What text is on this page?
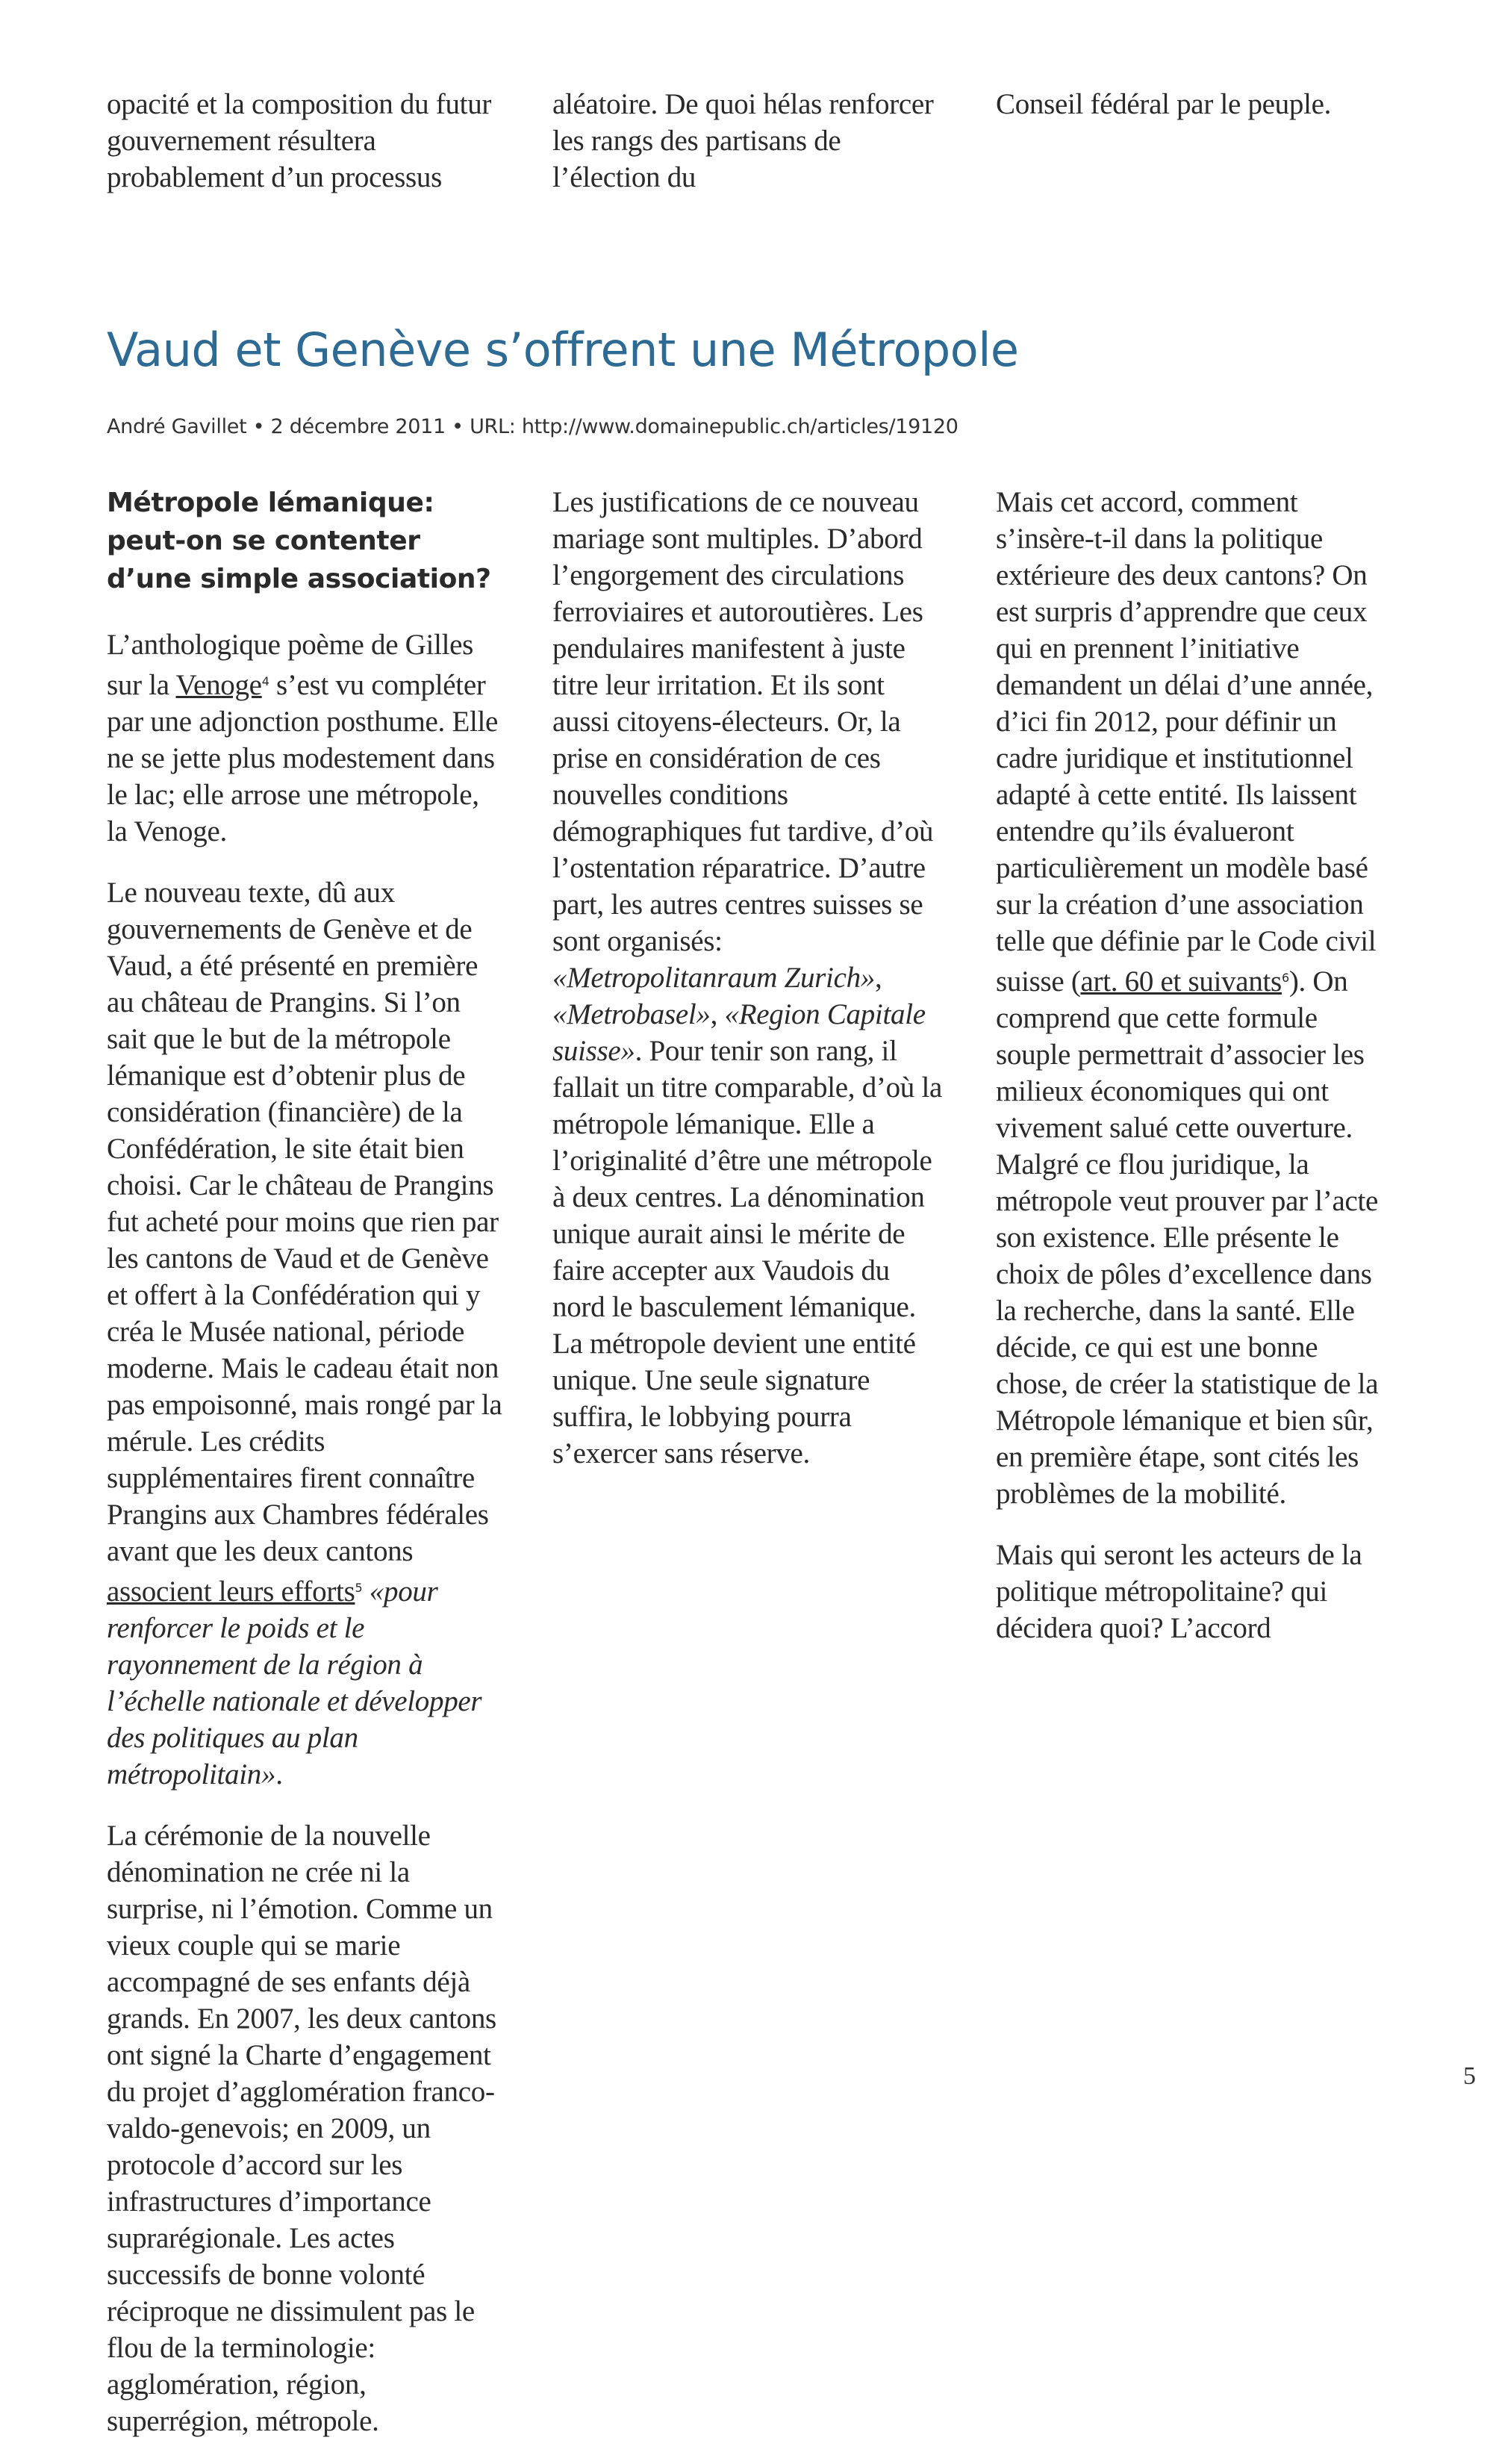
opacité et la composition du futur gouvernement résultera probablement d’un processus

aléatoire. De quoi hélas renforcer les rangs des partisans de l’élection du

Conseil fédéral par le peuple.

Vaud et Genève s’offrent une Métropole
André Gavillet • 2 décembre 2011 • URL: http://www.domainepublic.ch/articles/19120
Métropole lémanique: peut-on se contenter d’une simple association?

L’anthologique poème de Gilles sur la Venoge$^4$ s’est vu compléter par une adjonction posthume. Elle ne se jette plus modestement dans le lac; elle arrose une métropole, la Venoge.

Le nouveau texte, dû aux gouvernements de Genève et de Vaud, a été présenté en première au château de Prangins. Si l’on sait que le but de la métropole lémanique est d’obtenir plus de considération (financière) de la Confédération, le site était bien choisi. Car le château de Prangins fut acheté pour moins que rien par les cantons de Vaud et de Genève et offert à la Confédération qui y créa le Musée national, période moderne. Mais le cadeau était non pas empoisonné, mais rongé par la mérule. Les crédits supplémentaires firent connaître Prangins aux Chambres fédérales avant que les deux cantons associent leurs efforts$^5$ «pour renforcer le poids et le rayonnement de la région à l’échelle nationale et développer des politiques au plan métropolitain».

La cérémonie de la nouvelle dénomination ne crée ni la surprise, ni l’émotion. Comme un vieux couple qui se marie accompagné de ses enfants déjà grands. En 2007, les deux cantons ont signé la Charte d’engagement du projet d’agglomération franco-valdo-genevois; en 2009, un protocole d’accord sur les infrastructures d’importance suprarégionale. Les actes successifs de bonne volonté réciproque ne dissimulent pas le flou de la terminologie: agglomération, région, superrégion, métropole.

Les justifications de ce nouveau mariage sont multiples. D’abord l’engorgement des circulations ferroviaires et autoroutières. Les pendulaires manifestent à juste titre leur irritation. Et ils sont aussi citoyens-électeurs. Or, la prise en considération de ces nouvelles conditions démographiques fut tardive, d’où l’ostentation réparatrice. D’autre part, les autres centres suisses se sont organisés: «Metropolitanraum Zurich», «Metrobasel», «Region Capitale suisse». Pour tenir son rang, il fallait un titre comparable, d’où la métropole lémanique. Elle a l’originalité d’être une métropole à deux centres. La dénomination unique aurait ainsi le mérite de faire accepter aux Vaudois du nord le basculement lémanique. La métropole devient une entité unique. Une seule signature suffira, le lobbying pourra s’exercer sans réserve.

Mais cet accord, comment s’insère-t-il dans la politique extérieure des deux cantons? On est surpris d’apprendre que ceux qui en prennent l’initiative demandent un délai d’une année, d’ici fin 2012, pour définir un cadre juridique et institutionnel adapté à cette entité. Ils laissent entendre qu’ils évalueront particulièrement un modèle basé sur la création d’une association telle que définie par le Code civil suisse (art. 60 et suivants$^6$). On comprend que cette formule souple permettrait d’associer les milieux économiques qui ont vivement salué cette ouverture. Malgré ce flou juridique, la métropole veut prouver par l’acte son existence. Elle présente le choix de pôles d’excellence dans la recherche, dans la santé. Elle décide, ce qui est une bonne chose, de créer la statistique de la Métropole lémanique et bien sûr, en première étape, sont cités les problèmes de la mobilité.

Mais qui seront les acteurs de la politique métropolitaine? qui décidera quoi? L’accord

5
